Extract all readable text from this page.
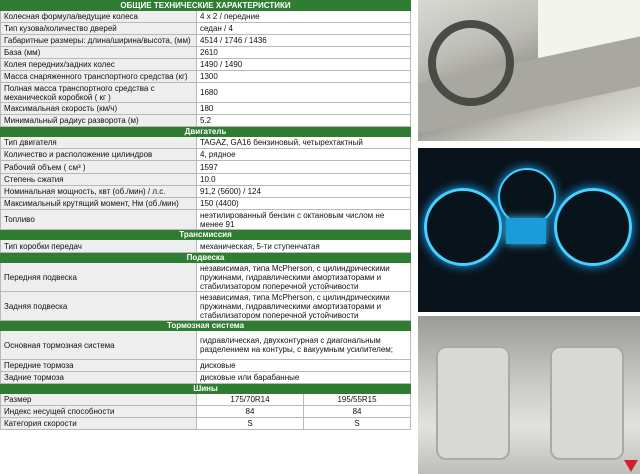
ОБЩИЕ ТЕХНИЧЕСКИЕ ХАРАКТЕРИСТИКИ		
Колесная формула/ведущие колеса	4 x 2 / передние	
Тип кузова/количество дверей	седан / 4	
Габаритные размеры: длина/ширина/высота, (мм)	4514 / 1746 / 1436	
База (мм)	2610	
Колея передних/задних колес	1490 / 1490	
Масса снаряженного транспортного средства (кг)	1300	
Полная масса транспортного средства с механической коробкой ( кг )	1680	
Максимальная скорость (км/ч)	180	
Минимальный радиус разворота (м)	5.2	
Двигатель		
Тип двигателя	TAGAZ, GA16 бензиновый, четырехтактный	
Количество и расположение цилиндров	4, рядное	
Рабочий объем ( см³ )	1597	
Степень сжатия	10.0	
Номинальная мощность, квт (об./мин) / л.с.	91,2 (5600) / 124	
Максимальный крутящий момент, Нм (об./мин)	150 (4400)	
Топливо	неэтилированный бензин с октановым числом не менее 91	
Трансмиссия		
Тип коробки передач	механическая, 5-ти ступенчатая	
Подвеска		
Передняя подвеска	независимая, типа McPherson, с цилиндрическими пружинами, гидравлическими амортизаторами и стабилизатором поперечной устойчивости	
Задняя подвеска	независимая, типа McPherson, с цилиндрическими пружинами, гидравлическими амортизаторами и стабилизатором поперечной устойчивости	
Тормозная система		
Основная тормозная система	гидравлическая, двухконтурная с диагональным разделением на контуры, с вакуумным усилителем;	
Передние тормоза	дисковые	
Задние тормоза	дисковые или барабанные	
Шины		
Размер	175/70R14	195/55R15
Индекс несущей способности	84	84
Категория скорости	S	S
